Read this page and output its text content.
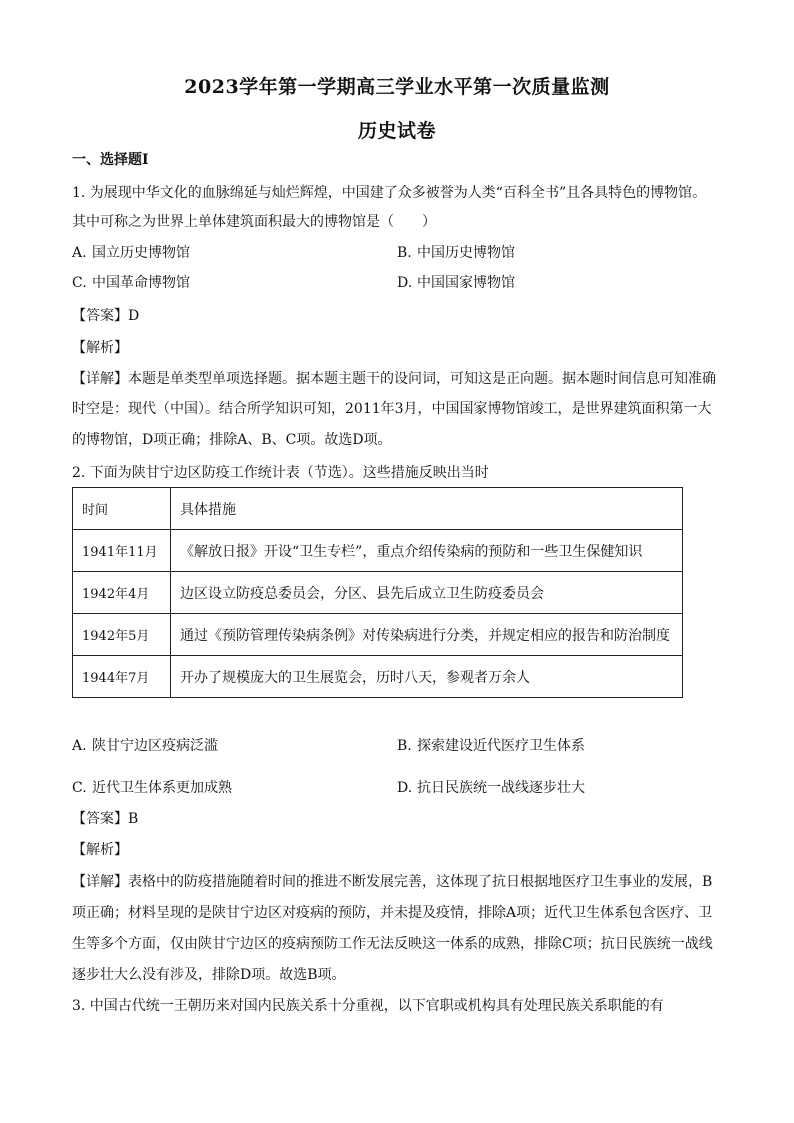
2023学年第一学期高三学业水平第一次质量监测
历史试卷
一、选择题Ⅰ
1. 为展现中华文化的血脉绵延与灿烂辉煌，中国建了众多被誉为人类“百科全书”且各具特色的博物馆。
其中可称之为世界上单体建筑面积最大的博物馆是（　　）
A. 国立历史博物馆	B. 中国历史博物馆
C. 中国革命博物馆	D. 中国国家博物馆
【答案】D
【解析】
【详解】本题是单类型单项选择题。据本题主题干的设问词，可知这是正向题。据本题时间信息可知准确
时空是：现代（中国）。结合所学知识可知，2011年3月，中国国家博物馆竣工，是世界建筑面积第一大
的博物馆，D项正确；排除A、B、C项。故选D项。
2. 下面为陕甘宁边区防疫工作统计表（节选）。这些措施反映出当时
时间	具体措施
1941年11月	《解放日报》开设“卫生专栏”，重点介绍传染病的预防和一些卫生保健知识
1942年4月	边区设立防疫总委员会，分区、县先后成立卫生防疫委员会
1942年5月	通过《预防管理传染病条例》对传染病进行分类，并规定相应的报告和防治制度
1944年7月	开办了规模庞大的卫生展览会，历时八天，参观者万余人
A. 陕甘宁边区疫病泛滥	B. 探索建设近代医疗卫生体系
C. 近代卫生体系更加成熟	D. 抗日民族统一战线逐步壮大
【答案】B
【解析】
【详解】表格中的防疫措施随着时间的推进不断发展完善，这体现了抗日根据地医疗卫生事业的发展，B
项正确；材料呈现的是陕甘宁边区对疫病的预防，并未提及疫情，排除A项；近代卫生体系包含医疗、卫
生等多个方面，仅由陕甘宁边区的疫病预防工作无法反映这一体系的成熟，排除C项；抗日民族统一战线
逐步壮大么没有涉及，排除D项。故选B项。
3. 中国古代统一王朝历来对国内民族关系十分重视，以下官职或机构具有处理民族关系职能的有
